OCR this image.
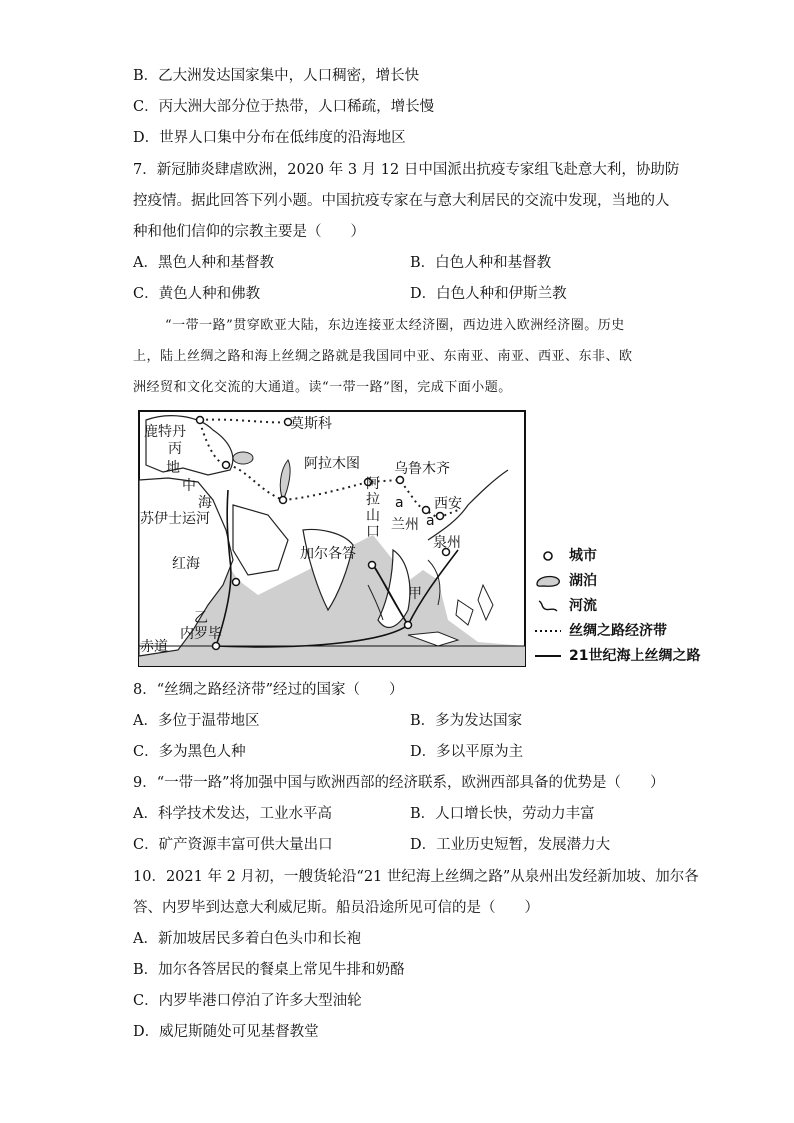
B．乙大洲发达国家集中，人口稠密，增长快
C．丙大洲大部分位于热带，人口稀疏，增长慢
D．世界人口集中分布在低纬度的沿海地区
7．新冠肺炎肆虐欧洲，2020 年 3 月 12 日中国派出抗疫专家组飞赴意大利，协助防
控疫情。据此回答下列小题。中国抗疫专家在与意大利居民的交流中发现，当地的人
种和他们信仰的宗教主要是（　　）
A．黑色人种和基督教	B．白色人种和基督教
C．黄色人种和佛教	D．白色人种和伊斯兰教
“一带一路”贯穿欧亚大陆，东边连接亚太经济圈，西边进入欧洲经济圈。历史
上，陆上丝绸之路和海上丝绸之路就是我国同中亚、东南亚、南亚、西亚、东非、欧
洲经贸和文化交流的大通道。读“一带一路”图，完成下面小题。
莫斯科
鹿特丹
丙
地
中
海
苏伊士运河
阿拉木图 乌鲁木齐
阿拉山口
a
a
兰州
西安
泉州
加尔各答
红海
甲
乙
内罗毕
赤道
城市
湖泊
河流
丝绸之路经济带
21世纪海上丝绸之路
8．“丝绸之路经济带”经过的国家（　　）
A．多位于温带地区	B．多为发达国家
C．多为黑色人种	D．多以平原为主
9．“一带一路”将加强中国与欧洲西部的经济联系，欧洲西部具备的优势是（　　）
A．科学技术发达，工业水平高	B．人口增长快，劳动力丰富
C．矿产资源丰富可供大量出口	D．工业历史短暂，发展潜力大
10．2021 年 2 月初，一艘货轮沿“21 世纪海上丝绸之路”从泉州出发经新加坡、加尔各
答、内罗毕到达意大利威尼斯。船员沿途所见可信的是（　　）
A．新加坡居民多着白色头巾和长袍
B．加尔各答居民的餐桌上常见牛排和奶酪
C．内罗毕港口停泊了许多大型油轮
D．威尼斯随处可见基督教堂
